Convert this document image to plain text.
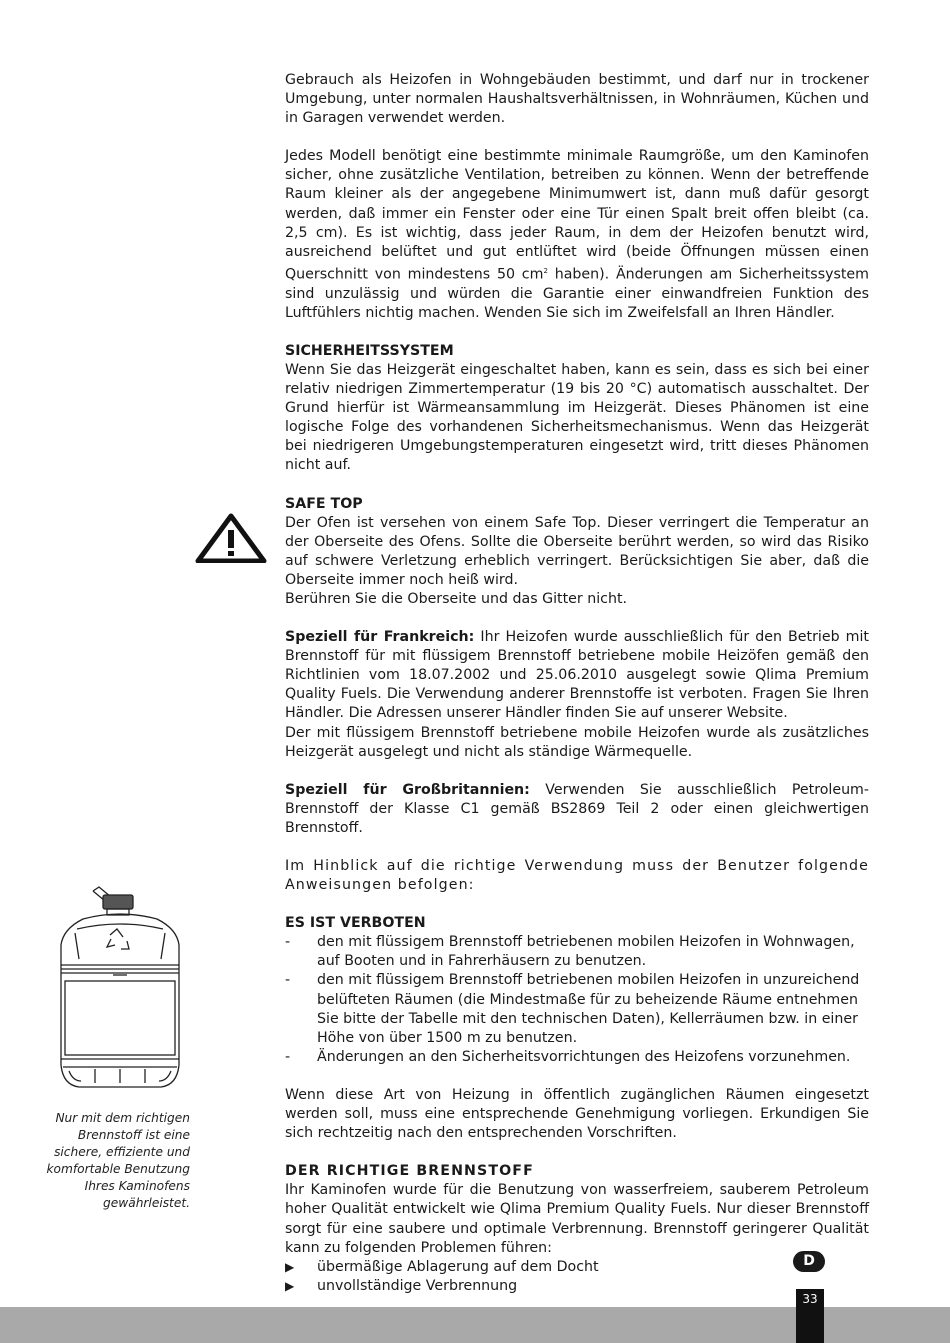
Nur mit dem richtigen Brennstoff ist eine sichere, effiziente und komfortable Benutzung Ihres Kaminofens gewährleistet.

Gebrauch als Heizofen in Wohngebäuden bestimmt, und darf nur in trockener Umgebung, unter normalen Haushaltsverhältnissen, in Wohnräumen, Küchen und in Garagen verwendet werden.

Jedes Modell benötigt eine bestimmte minimale Raumgröße, um den Kaminofen sicher, ohne zusätzliche Ventilation, betreiben zu können. Wenn der betreffende Raum kleiner als der angegebene Minimumwert ist, dann muß dafür gesorgt werden, daß immer ein Fenster oder eine Tür einen Spalt breit offen bleibt (ca. 2,5 cm). Es ist wichtig, dass jeder Raum, in dem der Heizofen benutzt wird, ausreichend belüftet und gut entlüftet wird (beide Öffnungen müssen einen Querschnitt von mindestens 50 $cm^2$ haben). Änderungen am Sicherheitssystem sind unzulässig und würden die Garantie einer einwandfreien Funktion des Luftfühlers nichtig machen. Wenden Sie sich im Zweifelsfall an Ihren Händler.

SICHERHEITSSYSTEM

Wenn Sie das Heizgerät eingeschaltet haben, kann es sein, dass es sich bei einer relativ niedrigen Zimmertemperatur (19 bis 20 °C) automatisch ausschaltet. Der Grund hierfür ist Wärmeansammlung im Heizgerät. Dieses Phänomen ist eine logische Folge des vorhandenen Sicherheitsmechanismus. Wenn das Heizgerät bei niedrigeren Umgebungstemperaturen eingesetzt wird, tritt dieses Phänomen nicht auf.

SAFE TOP

Der Ofen ist versehen von einem Safe Top. Dieser verringert die Temperatur an der Oberseite des Ofens. Sollte die Oberseite berührt werden, so wird das Risiko auf schwere Verletzung erheblich verringert. Berücksichtigen Sie aber, daß die Oberseite immer noch heiß wird.

Berühren Sie die Oberseite und das Gitter nicht.

Speziell für Frankreich: Ihr Heizofen wurde ausschließlich für den Betrieb mit Brennstoff für mit flüssigem Brennstoff betriebene mobile Heizöfen gemäß den Richtlinien vom 18.07.2002 und 25.06.2010 ausgelegt sowie Qlima Premium Quality Fuels. Die Verwendung anderer Brennstoffe ist verboten. Fragen Sie Ihren Händler. Die Adressen unserer Händler finden Sie auf unserer Website.

Der mit flüssigem Brennstoff betriebene mobile Heizofen wurde als zusätzliches Heizgerät ausgelegt und nicht als ständige Wärmequelle.

Speziell für Großbritannien: Verwenden Sie ausschließlich Petroleum-Brennstoff der Klasse C1 gemäß BS2869 Teil 2 oder einen gleichwertigen Brennstoff.

Im Hinblick auf die richtige Verwendung muss der Benutzer folgende Anweisungen befolgen:

ES IST VERBOTEN
- den mit flüssigem Brennstoff betriebenen mobilen Heizofen in Wohnwagen, auf Booten und in Fahrerhäusern zu benutzen.
- den mit flüssigem Brennstoff betriebenen mobilen Heizofen in unzureichend belüfteten Räumen (die Mindestmaße für zu beheizende Räume entnehmen Sie bitte der Tabelle mit den technischen Daten), Kellerräumen bzw. in einer Höhe von über 1500 m zu benutzen.
- Änderungen an den Sicherheitsvorrichtungen des Heizofens vorzunehmen.

Wenn diese Art von Heizung in öffentlich zugänglichen Räumen eingesetzt werden soll, muss eine entsprechende Genehmigung vorliegen. Erkundigen Sie sich rechtzeitig nach den entsprechenden Vorschriften.

DER RICHTIGE BRENNSTOFF

Ihr Kaminofen wurde für die Benutzung von wasserfreiem, sauberem Petroleum hoher Qualität entwickelt wie Qlima Premium Quality Fuels. Nur dieser Brennstoff sorgt für eine saubere und optimale Verbrennung. Brennstoff geringerer Qualität kann zu folgenden Problemen führen:

▶ übermäßige Ablagerung auf dem Docht
▶ unvollständige Verbrennung
D
33
